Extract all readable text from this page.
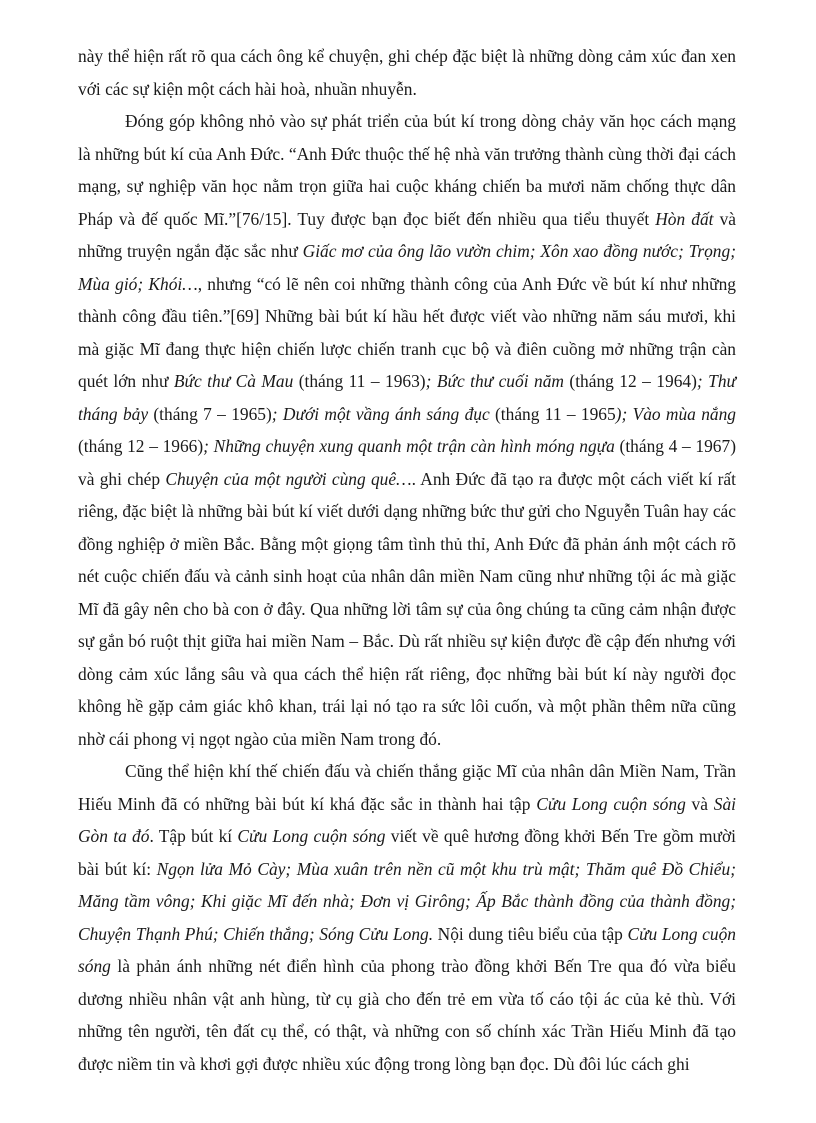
này thể hiện rất rõ qua cách ông kể chuyện, ghi chép đặc biệt là những dòng cảm xúc đan xen với các sự kiện một cách hài hoà, nhuần nhuyễn.

Đóng góp không nhỏ vào sự phát triển của bút kí trong dòng chảy văn học cách mạng là những bút kí của Anh Đức. “Anh Đức thuộc thế hệ nhà văn trưởng thành cùng thời đại cách mạng, sự nghiệp văn học nằm trọn giữa hai cuộc kháng chiến ba mươi năm chống thực dân Pháp và đế quốc Mĩ.”[76/15]. Tuy được bạn đọc biết đến nhiều qua tiểu thuyết Hòn đất và những truyện ngắn đặc sắc như Giấc mơ của ông lão vườn chim; Xôn xao đồng nước; Trọng; Mùa gió; Khói…, nhưng “có lẽ nên coi những thành công của Anh Đức về bút kí như những thành công đầu tiên.”[69] Những bài bút kí hầu hết được viết vào những năm sáu mươi, khi mà giặc Mĩ đang thực hiện chiến lược chiến tranh cục bộ và điên cuồng mở những trận càn quét lớn như Bức thư Cà Mau (tháng 11 – 1963); Bức thư cuối năm (tháng 12 – 1964); Thư tháng bảy (tháng 7 – 1965); Dưới một vầng ánh sáng đục (tháng 11 – 1965); Vào mùa nắng (tháng 12 – 1966); Những chuyện xung quanh một trận càn hình móng ngựa (tháng 4 – 1967) và ghi chép Chuyện của một người cùng quê…. Anh Đức đã tạo ra được một cách viết kí rất riêng, đặc biệt là những bài bút kí viết dưới dạng những bức thư gửi cho Nguyễn Tuân hay các đồng nghiệp ở miền Bắc. Bằng một giọng tâm tình thủ thỉ, Anh Đức đã phản ánh một cách rõ nét cuộc chiến đấu và cảnh sinh hoạt của nhân dân miền Nam cũng như những tội ác mà giặc Mĩ đã gây nên cho bà con ở đây. Qua những lời tâm sự của ông chúng ta cũng cảm nhận được sự gắn bó ruột thịt giữa hai miền Nam – Bắc. Dù rất nhiều sự kiện được đề cập đến nhưng với dòng cảm xúc lắng sâu và qua cách thể hiện rất riêng, đọc những bài bút kí này người đọc không hề gặp cảm giác khô khan, trái lại nó tạo ra sức lôi cuốn, và một phần thêm nữa cũng nhờ cái phong vị ngọt ngào của miền Nam trong đó.

Cũng thể hiện khí thế chiến đấu và chiến thắng giặc Mĩ của nhân dân Miền Nam, Trần Hiếu Minh đã có những bài bút kí khá đặc sắc in thành hai tập Cửu Long cuộn sóng và Sài Gòn ta đó. Tập bút kí Cửu Long cuộn sóng viết về quê hương đồng khởi Bến Tre gồm mười bài bút kí: Ngọn lửa Mỏ Cày; Mùa xuân trên nền cũ một khu trù mật; Thăm quê Đồ Chiểu; Măng tầm vông; Khi giặc Mĩ đến nhà; Đơn vị Girông; Ấp Bắc thành đồng của thành đồng; Chuyện Thạnh Phú; Chiến thắng; Sóng Cửu Long. Nội dung tiêu biểu của tập Cửu Long cuộn sóng là phản ánh những nét điển hình của phong trào đồng khởi Bến Tre qua đó vừa biểu dương nhiều nhân vật anh hùng, từ cụ già cho đến trẻ em vừa tố cáo tội ác của kẻ thù. Với những tên người, tên đất cụ thể, có thật, và những con số chính xác Trần Hiếu Minh đã tạo được niềm tin và khơi gợi được nhiều xúc động trong lòng bạn đọc. Dù đôi lúc cách ghi
